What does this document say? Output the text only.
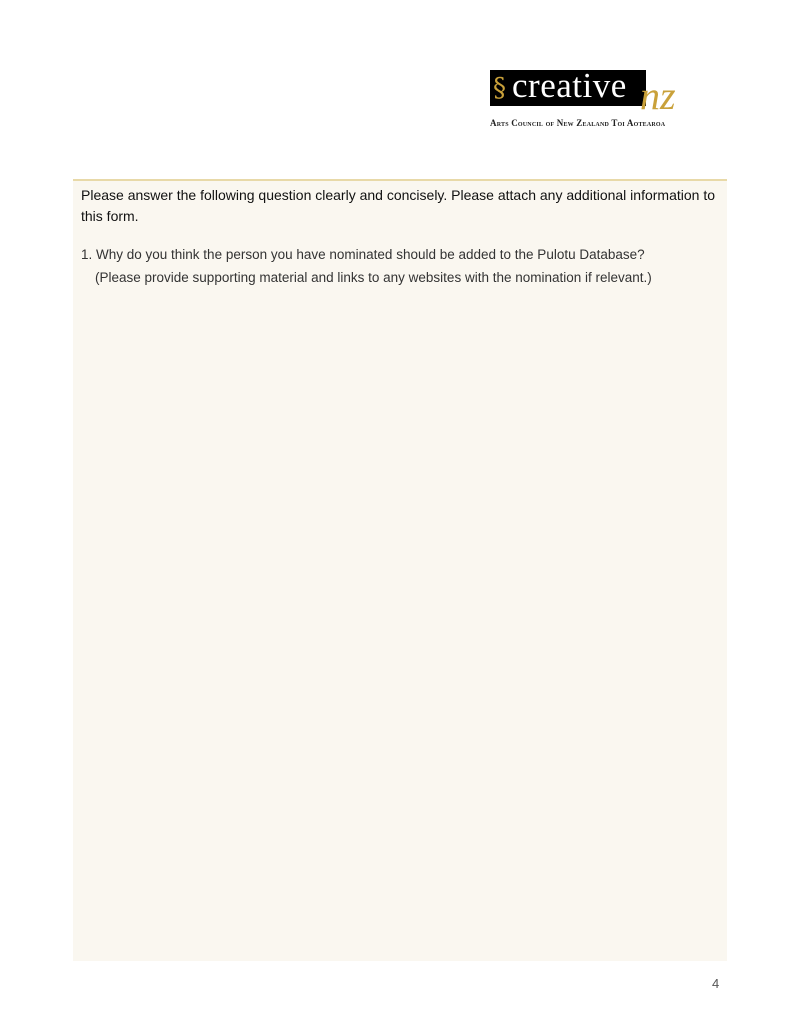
§ creative nz
Arts Council of New Zealand Toi Aotearoa
Please answer the following question clearly and concisely. Please attach any additional information to this form.
1. Why do you think the person you have nominated should be added to the Pulotu Database?
(Please provide supporting material and links to any websites with the nomination if relevant.)
4
